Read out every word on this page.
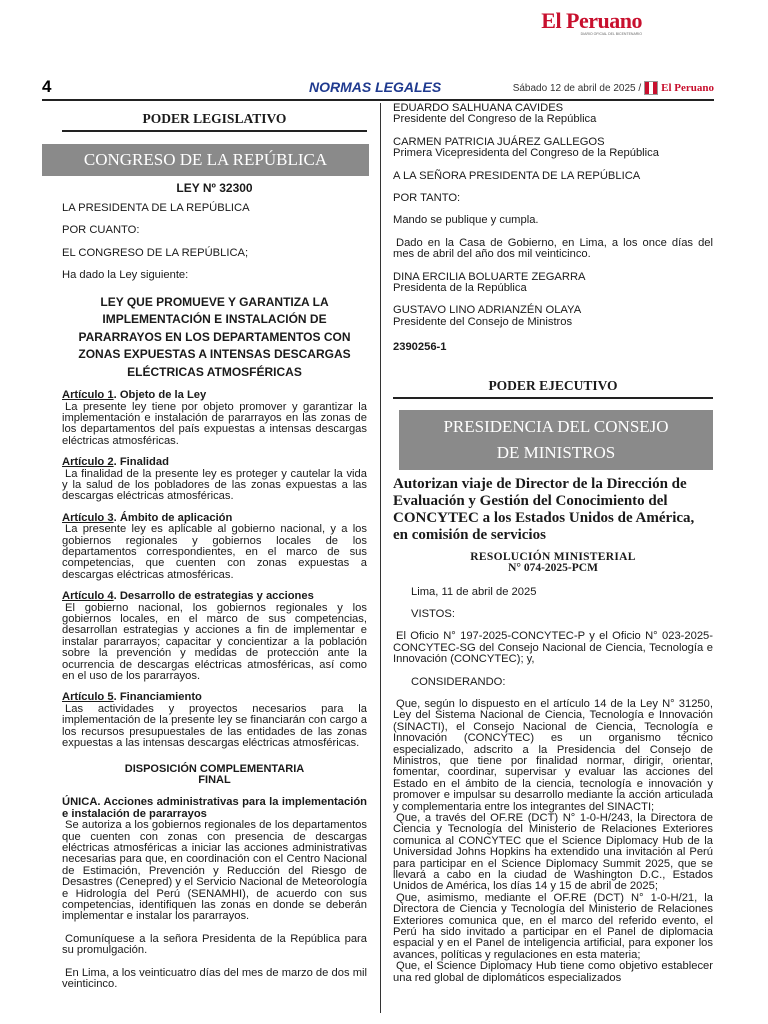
El Peruano
DIARIO OFICIAL DEL BICENTENARIO
4	NORMAS LEGALES	Sábado 12 de abril de 2025 / El Peruano
PODER LEGISLATIVO
CONGRESO DE LA REPÚBLICA
LEY Nº 32300

LA PRESIDENTA DE LA REPÚBLICA

POR CUANTO:

EL CONGRESO DE LA REPÚBLICA;

Ha dado la Ley siguiente:

LEY QUE PROMUEVE Y GARANTIZA LA IMPLEMENTACIÓN E INSTALACIÓN DE PARARRAYOS EN LOS DEPARTAMENTOS CON ZONAS EXPUESTAS A INTENSAS DESCARGAS ELÉCTRICAS ATMOSFÉRICAS

Artículo 1. Objeto de la Ley

La presente ley tiene por objeto promover y garantizar la implementación e instalación de pararrayos en las zonas de los departamentos del país expuestas a intensas descargas eléctricas atmosféricas.

Artículo 2. Finalidad

La finalidad de la presente ley es proteger y cautelar la vida y la salud de los pobladores de las zonas expuestas a las descargas eléctricas atmosféricas.

Artículo 3. Ámbito de aplicación

La presente ley es aplicable al gobierno nacional, y a los gobiernos regionales y gobiernos locales de los departamentos correspondientes, en el marco de sus competencias, que cuenten con zonas expuestas a descargas eléctricas atmosféricas.

Artículo 4. Desarrollo de estrategias y acciones

El gobierno nacional, los gobiernos regionales y los gobiernos locales, en el marco de sus competencias, desarrollan estrategias y acciones a fin de implementar e instalar pararrayos; capacitar y concientizar a la población sobre la prevención y medidas de protección ante la ocurrencia de descargas eléctricas atmosféricas, así como en el uso de los pararrayos.

Artículo 5. Financiamiento

Las actividades y proyectos necesarios para la implementación de la presente ley se financiarán con cargo a los recursos presupuestales de las entidades de las zonas expuestas a las intensas descargas eléctricas atmosféricas.

DISPOSICIÓN COMPLEMENTARIA FINAL

ÚNICA. Acciones administrativas para la implementación e instalación de pararrayos

Se autoriza a los gobiernos regionales de los departamentos que cuenten con zonas con presencia de descargas eléctricas atmosféricas a iniciar las acciones administrativas necesarias para que, en coordinación con el Centro Nacional de Estimación, Prevención y Reducción del Riesgo de Desastres (Cenepred) y el Servicio Nacional de Meteorología e Hidrología del Perú (SENAMHI), de acuerdo con sus competencias, identifiquen las zonas en donde se deberán implementar e instalar los pararrayos.

Comuníquese a la señora Presidenta de la República para su promulgación.

En Lima, a los veinticuatro días del mes de marzo de dos mil veinticinco.

EDUARDO SALHUANA CAVIDES

Presidente del Congreso de la República

CARMEN PATRICIA JUÁREZ GALLEGOS

Primera Vicepresidenta del Congreso de la República

A LA SEÑORA PRESIDENTA DE LA REPÚBLICA

POR TANTO:

Mando se publique y cumpla.

Dado en la Casa de Gobierno, en Lima, a los once días del mes de abril del año dos mil veinticinco.

DINA ERCILIA BOLUARTE ZEGARRA

Presidenta de la República

GUSTAVO LINO ADRIANZÉN OLAYA

Presidente del Consejo de Ministros

2390256-1

PODER EJECUTIVO
PRESIDENCIA DEL CONSEJO
DE MINISTROS

Autorizan viaje de Director de la Dirección de Evaluación y Gestión del Conocimiento del CONCYTEC a los Estados Unidos de América, en comisión de servicios

RESOLUCIÓN MINISTERIAL

N° 074-2025-PCM

Lima, 11 de abril de 2025

VISTOS:

El Oficio N° 197-2025-CONCYTEC-P y el Oficio N° 023-2025-CONCYTEC-SG del Consejo Nacional de Ciencia, Tecnología e Innovación (CONCYTEC); y,

CONSIDERANDO:

Que, según lo dispuesto en el artículo 14 de la Ley N° 31250, Ley del Sistema Nacional de Ciencia, Tecnología e Innovación (SINACTI), el Consejo Nacional de Ciencia, Tecnología e Innovación (CONCYTEC) es un organismo técnico especializado, adscrito a la Presidencia del Consejo de Ministros, que tiene por finalidad normar, dirigir, orientar, fomentar, coordinar, supervisar y evaluar las acciones del Estado en el ámbito de la ciencia, tecnología e innovación y promover e impulsar su desarrollo mediante la acción articulada y complementaria entre los integrantes del SINACTI;

Que, a través del OF.RE (DCT) N° 1-0-H/243, la Directora de Ciencia y Tecnología del Ministerio de Relaciones Exteriores comunica al CONCYTEC que el Science Diplomacy Hub de la Universidad Johns Hopkins ha extendido una invitación al Perú para participar en el Science Diplomacy Summit 2025, que se llevará a cabo en la ciudad de Washington D.C., Estados Unidos de América, los días 14 y 15 de abril de 2025;

Que, asimismo, mediante el OF.RE (DCT) N° 1-0-H/21, la Directora de Ciencia y Tecnología del Ministerio de Relaciones Exteriores comunica que, en el marco del referido evento, el Perú ha sido invitado a participar en el Panel de diplomacia espacial y en el Panel de inteligencia artificial, para exponer los avances, políticas y regulaciones en esta materia;

Que, el Science Diplomacy Hub tiene como objetivo establecer una red global de diplomáticos especializados
